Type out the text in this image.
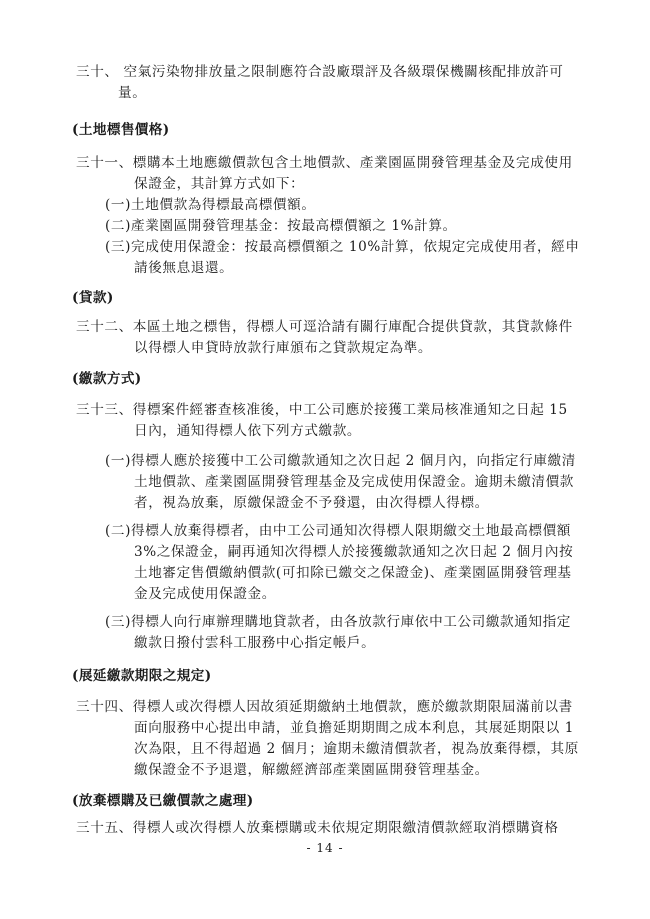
三十、 空氣污染物排放量之限制應符合設廠環評及各級環保機關核配排放許可
量。
(土地標售價格)
三十一、標購本土地應繳價款包含土地價款、產業園區開發管理基金及完成使用
保證金，其計算方式如下：
(一)土地價款為得標最高標價額。
(二)產業園區開發管理基金：按最高標價額之 1%計算。
(三)完成使用保證金：按最高標價額之 10%計算，依規定完成使用者，經申
請後無息退還。
(貸款)
三十二、本區土地之標售，得標人可逕洽請有關行庫配合提供貸款，其貸款條件
以得標人申貸時放款行庫頒布之貸款規定為準。
(繳款方式)
三十三、得標案件經審查核准後，中工公司應於接獲工業局核准通知之日起 15
日內，通知得標人依下列方式繳款。
(一)得標人應於接獲中工公司繳款通知之次日起 2 個月內，向指定行庫繳清
土地價款、產業園區開發管理基金及完成使用保證金。逾期未繳清價款
者，視為放棄，原繳保證金不予發還，由次得標人得標。
(二)得標人放棄得標者，由中工公司通知次得標人限期繳交土地最高標價額
3%之保證金，嗣再通知次得標人於接獲繳款通知之次日起 2 個月內按
土地審定售價繳納價款(可扣除已繳交之保證金)、產業園區開發管理基
金及完成使用保證金。
(三)得標人向行庫辦理購地貸款者，由各放款行庫依中工公司繳款通知指定
繳款日撥付雲科工服務中心指定帳戶。
(展延繳款期限之規定)
三十四、得標人或次得標人因故須延期繳納土地價款，應於繳款期限屆滿前以書
面向服務中心提出申請，並負擔延期期間之成本利息，其展延期限以 1
次為限，且不得超過 2 個月；逾期未繳清價款者，視為放棄得標，其原
繳保證金不予退還，解繳經濟部產業園區開發管理基金。
(放棄標購及已繳價款之處理)
三十五、得標人或次得標人放棄標購或未依規定期限繳清價款經取消標購資格
- 14 -
